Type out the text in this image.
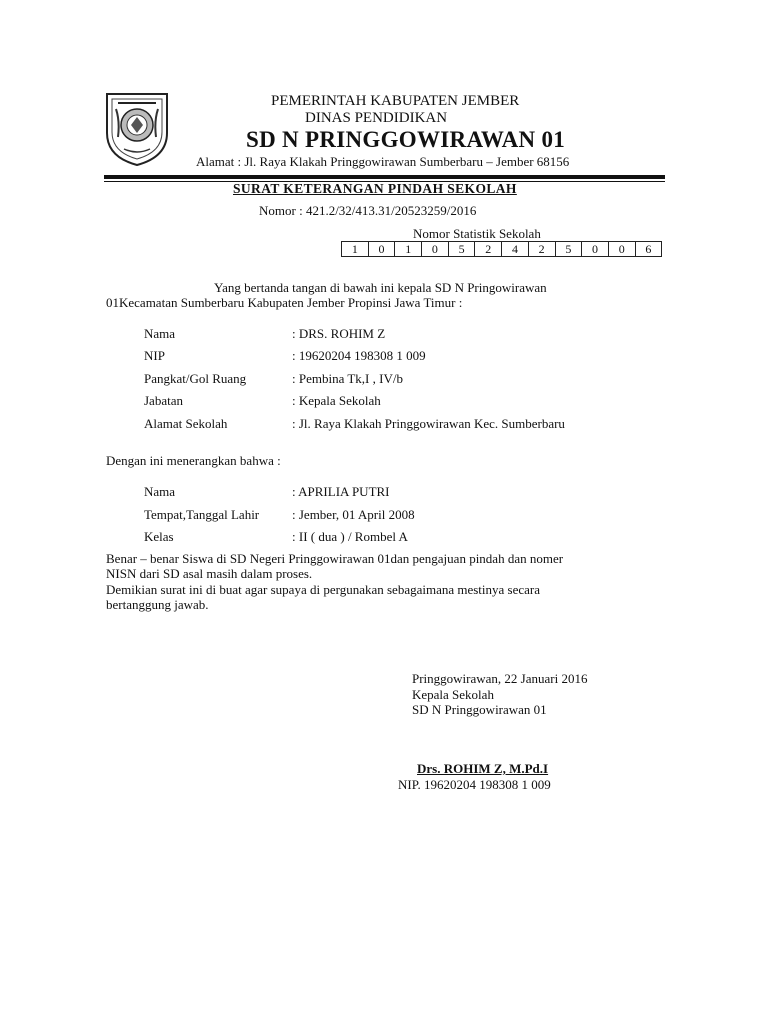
PEMERINTAH KABUPATEN JEMBER
DINAS PENDIDIKAN
SD N PRINGGOWIRAWAN 01
Alamat : Jl. Raya Klakah Pringgowirawan Sumberbaru – Jember 68156
SURAT KETERANGAN PINDAH SEKOLAH
Nomor : 421.2/32/413.31/20523259/2016
Nomor Statistik Sekolah
1	0	1	0	5	2	4	2	5	0	0	6
Yang bertanda tangan di bawah ini kepala SD N Pringowirawan
01Kecamatan Sumberbaru Kabupaten Jember Propinsi Jawa Timur :
Nama	: DRS. ROHIM Z
NIP	: 19620204 198308 1 009
Pangkat/Gol Ruang	: Pembina Tk,I , IV/b
Jabatan	: Kepala Sekolah
Alamat Sekolah	: Jl. Raya Klakah Pringgowirawan Kec. Sumberbaru
Dengan ini menerangkan bahwa :
Nama	: APRILIA PUTRI
Tempat,Tanggal Lahir	: Jember, 01 April 2008
Kelas	: II ( dua ) / Rombel A
Benar – benar Siswa di SD Negeri Pringgowirawan 01dan pengajuan pindah dan nomer
NISN dari SD asal masih dalam proses.
Demikian surat ini di buat agar supaya di pergunakan sebagaimana mestinya secara
bertanggung jawab.
Pringgowirawan, 22 Januari 2016
Kepala Sekolah
SD N Pringgowirawan 01
Drs. ROHIM Z, M.Pd.I
NIP. 19620204 198308 1 009
